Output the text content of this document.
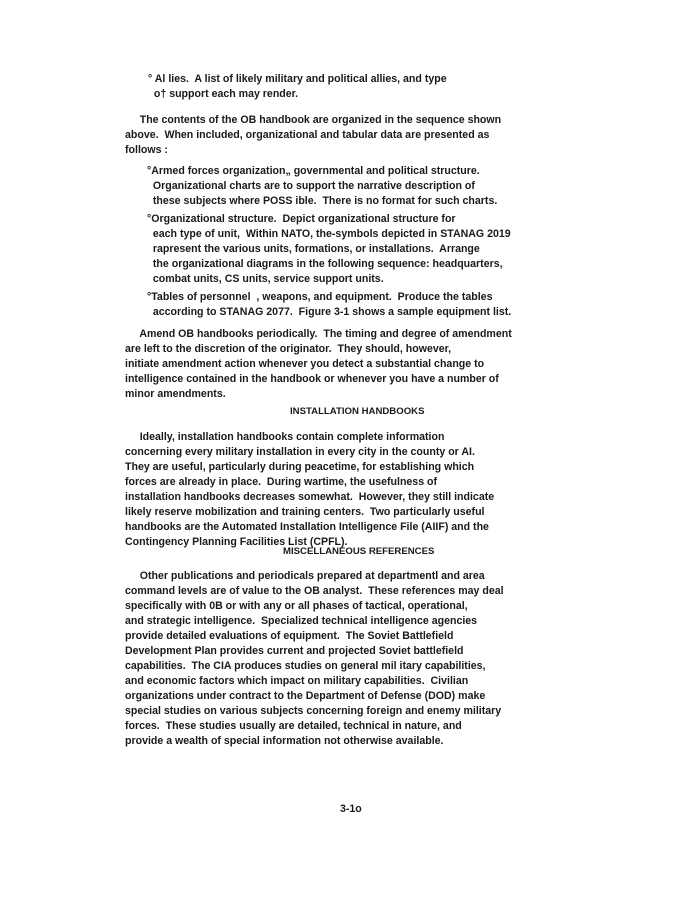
° Al lies.  A list of likely military and political allies, and type
o† support each may render.
The contents of the OB handbook are organized in the sequence shown
above.  When included, organizational and tabular data are presented as
follows :
°Armed forces organization„ governmental and political structure.
Organizational charts are to support the narrative description of
these subjects where POSS ible.  There is no format for such charts.
°Organizational structure.  Depict organizational structure for
each type of unit,  Within NATO, the-symbols depicted in STANAG 2019
rapresent the various units, formations, or installations.  Arrange
the organizational diagrams in the following sequence: headquarters,
combat units, CS units, service support units.
°Tables of personnel  , weapons, and equipment.  Produce the tables
according to STANAG 2077.  Figure 3-1 shows a sample equipment list.
Amend OB handbooks periodically.  The timing and degree of amendment
are left to the discretion of the originator.  They should, however,
initiate amendment action whenever you detect a substantial change to
intelligence contained in the handbook or whenever you have a number of
minor amendments.
INSTALLATION HANDBOOKS
Ideally, installation handbooks contain complete information
concerning every military installation in every city in the county or AI.
They are useful, particularly during peacetime, for establishing which
forces are already in place.  During wartime, the usefulness of
installation handbooks decreases somewhat.  However, they still indicate
likely reserve mobilization and training centers.  Two particularly useful
handbooks are the Automated Installation Intelligence File (AIIF) and the
Contingency Planning Facilities List (CPFL).
MISCELLANEOUS REFERENCES
Other publications and periodicals prepared at departmentl and area
command levels are of value to the OB analyst.  These references may deal
specifically with 0B or with any or all phases of tactical, operational,
and strategic intelligence.  Specialized technical intelligence agencies
provide detailed evaluations of equipment.  The Soviet Battlefield
Development Plan provides current and projected Soviet battlefield
capabilities.  The CIA produces studies on general mil itary capabilities,
and economic factors which impact on military capabilities.  Civilian
organizations under contract to the Department of Defense (DOD) make
special studies on various subjects concerning foreign and enemy military
forces.  These studies usually are detailed, technical in nature, and
provide a wealth of special information not otherwise available.
3-1o
